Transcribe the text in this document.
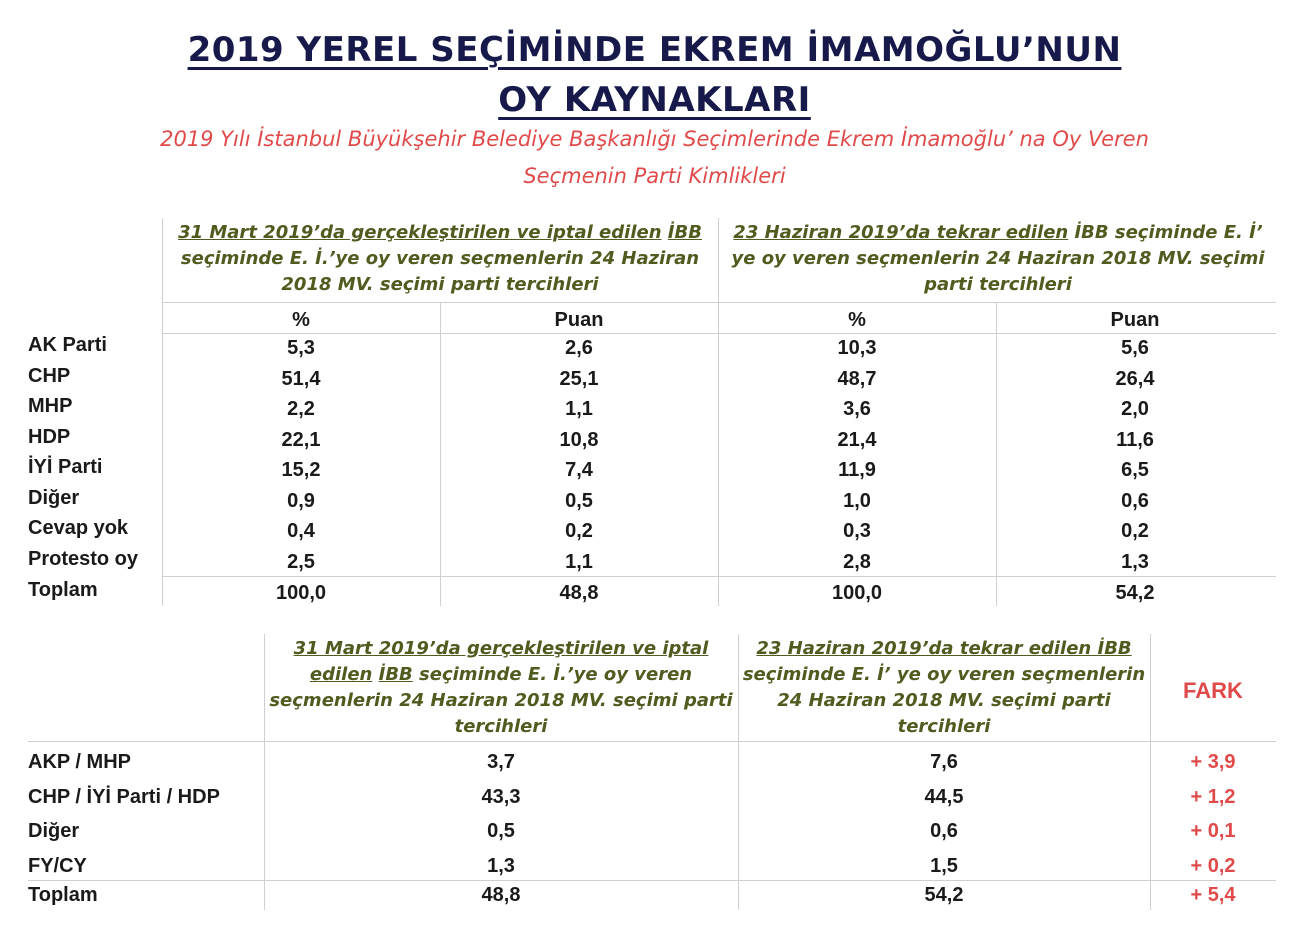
2019 YEREL SEÇİMİNDE EKREM İMAMOĞLU’NUN
OY KAYNAKLARI
2019 Yılı İstanbul Büyükşehir Belediye Başkanlığı Seçimlerinde Ekrem İmamoğlu’ na Oy Veren
Seçmenin Parti Kimlikleri
31 Mart 2019’da gerçekleştirilen ve iptal edilen İBB
seçiminde E. İ.’ye oy veren seçmenlerin 24 Haziran
2018 MV. seçimi parti tercihleri
23 Haziran 2019’da tekrar edilen İBB seçiminde E. İ’
ye oy veren seçmenlerin 24 Haziran 2018 MV. seçimi
parti tercihleri
%	Puan	%	Puan
AK Parti	5,3	2,6	10,3	5,6
CHP	51,4	25,1	48,7	26,4
MHP	2,2	1,1	3,6	2,0
HDP	22,1	10,8	21,4	11,6
İYİ Parti	15,2	7,4	11,9	6,5
Diğer	0,9	0,5	1,0	0,6
Cevap yok	0,4	0,2	0,3	0,2
Protesto oy	2,5	1,1	2,8	1,3
Toplam	100,0	48,8	100,0	54,2
31 Mart 2019’da gerçekleştirilen ve iptal
edilen İBB seçiminde E. İ.’ye oy veren
seçmenlerin 24 Haziran 2018 MV. seçimi parti
tercihleri
23 Haziran 2019’da tekrar edilen İBB
seçiminde E. İ’ ye oy veren seçmenlerin
24 Haziran 2018 MV. seçimi parti
tercihleri
FARK
AKP / MHP	3,7	7,6	+ 3,9
CHP / İYİ Parti / HDP	43,3	44,5	+ 1,2
Diğer	0,5	0,6	+ 0,1
FY/CY	1,3	1,5	+ 0,2
Toplam	48,8	54,2	+ 5,4
